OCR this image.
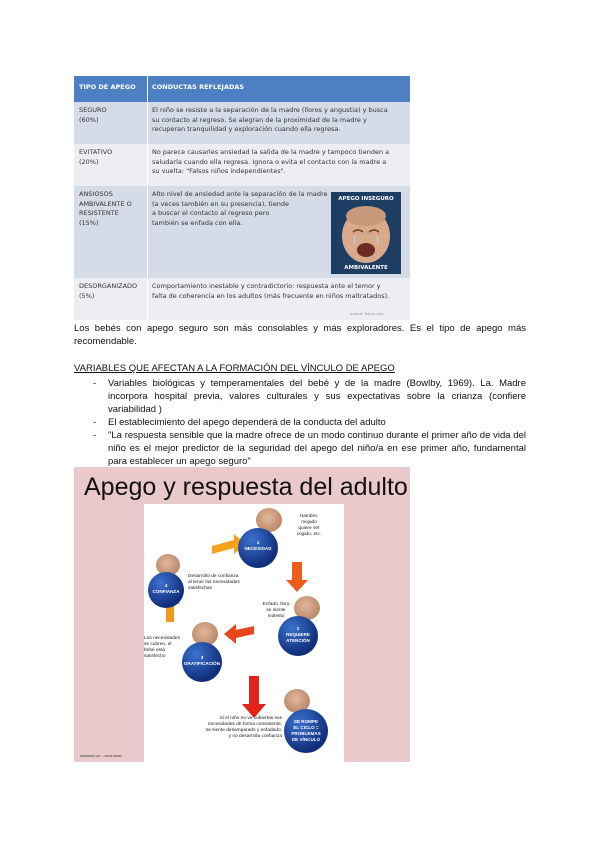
TIPO DE APEGO	CONDUCTAS REFLEJADAS
SEGURO
(60%)
El niño se resiste a la separación de la madre (lloros y angustia) y busca
su contacto al regreso. Se alegran de la proximidad de la madre y
recuperan tranquilidad y exploración cuando ella regresa.
EVITATIVO
(20%)
No parece causarles ansiedad la salida de la madre y tampoco tienden a
saludarla cuando ella regresa. Ignora o evita el contacto con la madre a
su vuelta: "Falsos niños independientes".
ANSIOSOS
AMBIVALENTE O
RESISTENTE
(15%)
Alto nivel de ansiedad ante la separación de la madre
(a veces también en su presencia), tiende
a buscar el contacto al regreso pero
también se enfada con ella.
APEGO INSEGURO
AMBIVALENTE
DESORGANIZADO
(5%)
Comportamiento inestable y contradictorio: respuesta ante el temor y
falta de coherencia en los adultos (más frecuente en niños maltratados).
www.ar Tablas.com
Los bebés con apego seguro son más consolables y más exploradores. Es el tipo de apego más recomendable.
VARIABLES QUE AFECTAN A LA FORMACIÓN DEL VÍNCULO DE APEGO
- Variables biológicas y temperamentales del bebé y de la madre (Bowlby, 1969). La. Madre incorpora hospital previa, valores culturales y sus expectativas sobre la crianza (confiere variabilidad )
- El establecimiento del apego dependerá de la conducta del adulto
- "La respuesta sensible que la madre ofrece de un modo continuo durante el primer año de vida del niño es el mejor predictor de la seguridad del apego del niño/a en ese primer año, fundamental para establecer un apego seguro"
Apego y respuesta del adulto
1
NECESIDAD
2
REQUIERE
ATENCIÓN
3
GRATIFICACIÓN
4
CONFIANZA
SE ROMPE
EL CICLO =
PROBLEMAS
DE VÍNCULO
Hambre,
mojado
quiere ser
cogido, etc.
Desarrollo de confianza
al tener las necesidades
satisfechas
Enfado, lloro
se siente
molesto
Las necesidades
se cubren, el
bebé está
satisfecho
Si el niño no ve cubiertas sus
necesidades de forma consistente,
se siente desamparado y enfadado,
y no desarrolla confianza
adaptado por ...www.canal..
